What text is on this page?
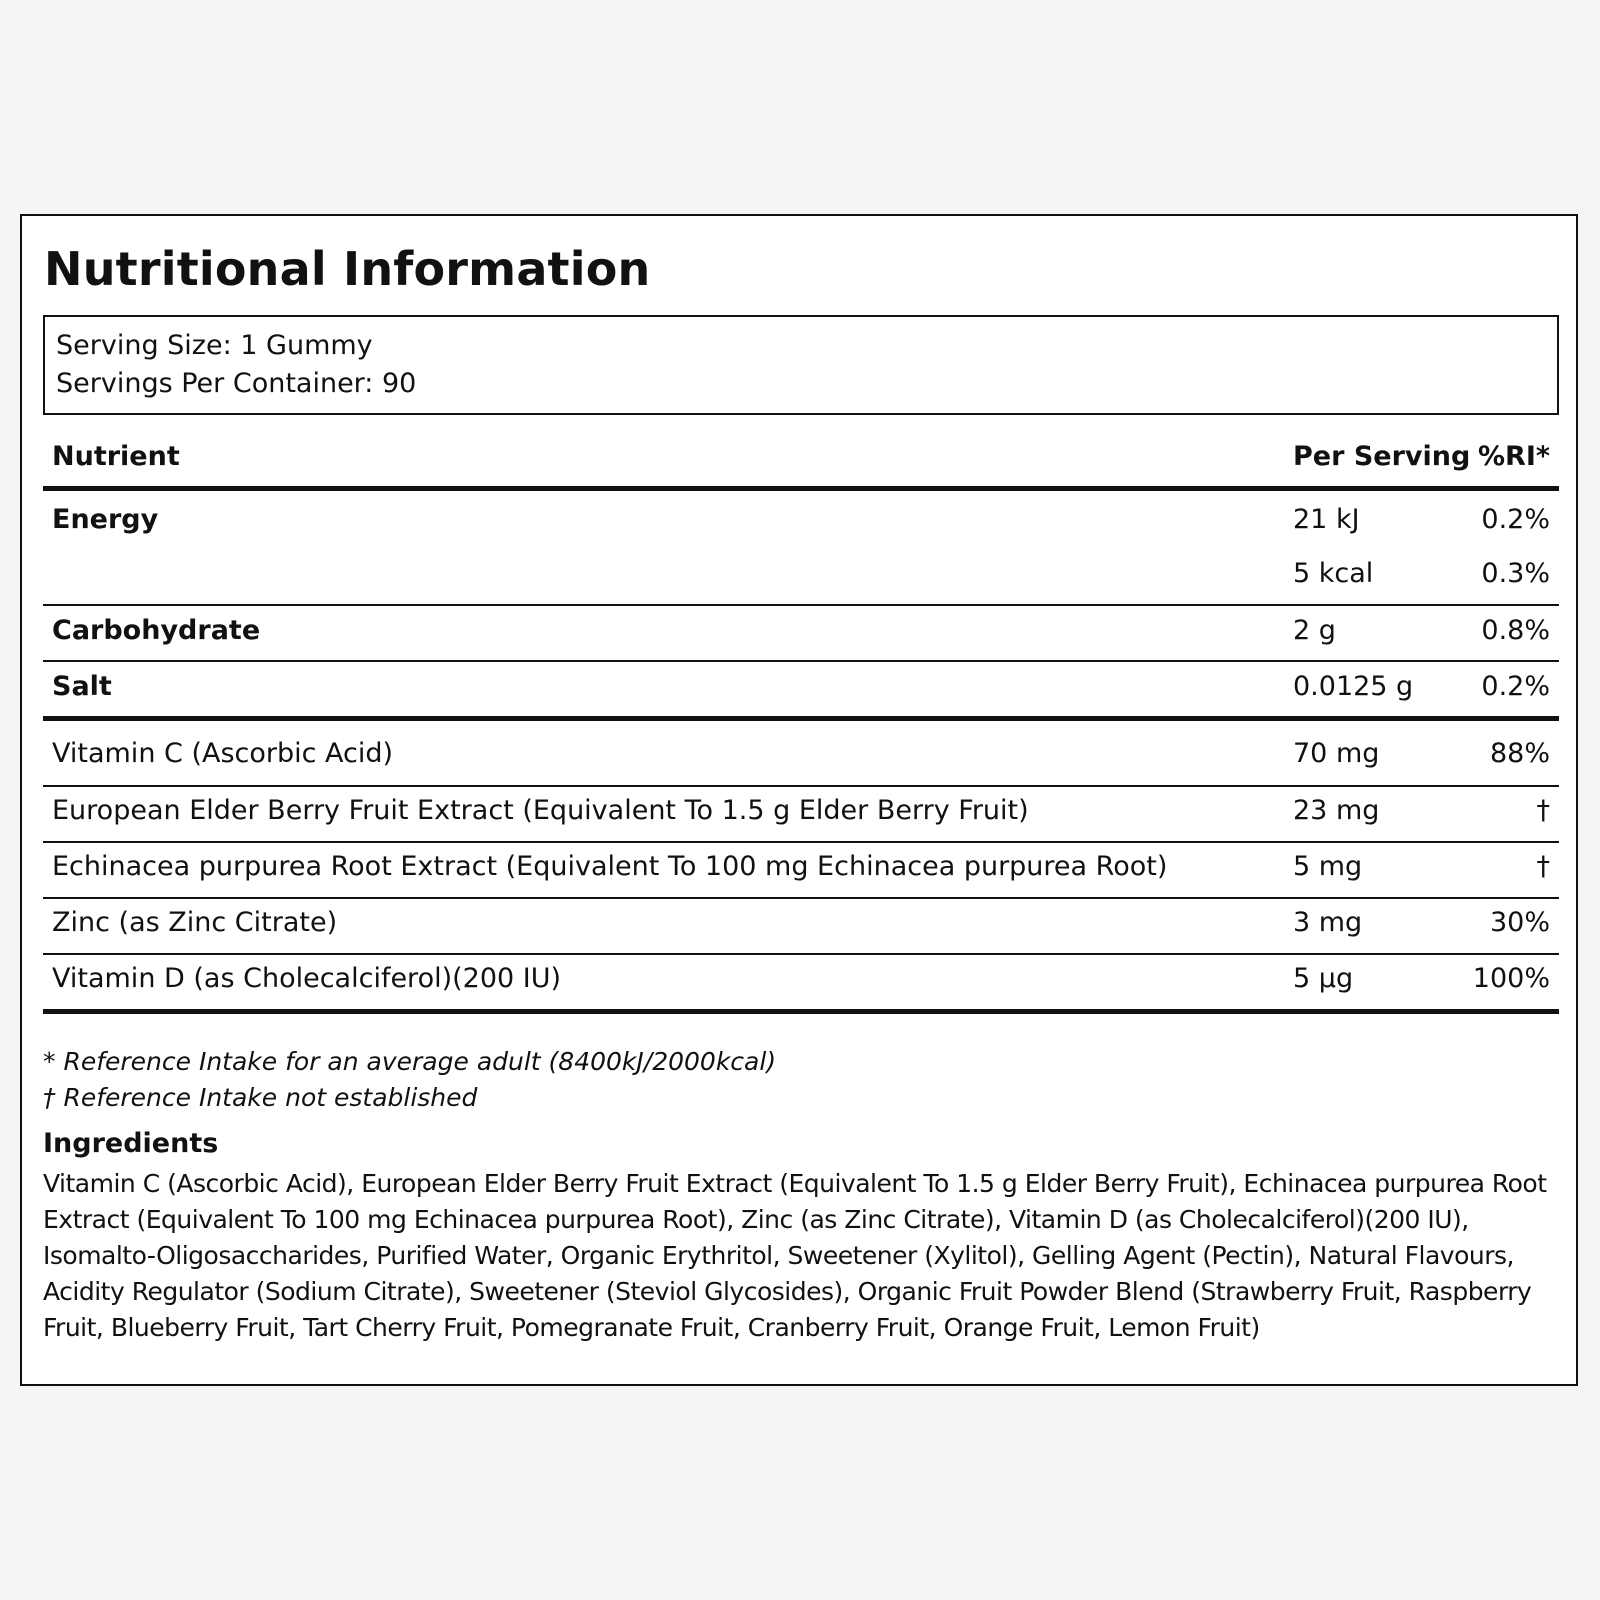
Nutritional Information
Serving Size: 1 Gummy
Servings Per Container: 90
Nutrient	Per Serving %RI*
Energy	21 kJ	0.2%
5 kcal	0.3%
Carbohydrate	2 g	0.8%
Salt	0.0125 g	0.2%
Vitamin C (Ascorbic Acid)	70 mg	88%
European Elder Berry Fruit Extract (Equivalent To 1.5 g Elder Berry Fruit)	23 mg	†
Echinacea purpurea Root Extract (Equivalent To 100 mg Echinacea purpurea Root)	5 mg	†
Zinc (as Zinc Citrate)	3 mg	30%
Vitamin D (as Cholecalciferol)(200 IU)	5 µg	100%
* Reference Intake for an average adult (8400kJ/2000kcal)
† Reference Intake not established
Ingredients

Vitamin C (Ascorbic Acid), European Elder Berry Fruit Extract (Equivalent To 1.5 g Elder Berry Fruit), Echinacea purpurea Root Extract (Equivalent To 100 mg Echinacea purpurea Root), Zinc (as Zinc Citrate), Vitamin D (as Cholecalciferol)(200 IU), Isomalto-Oligosaccharides, Purified Water, Organic Erythritol, Sweetener (Xylitol), Gelling Agent (Pectin), Natural Flavours, Acidity Regulator (Sodium Citrate), Sweetener (Steviol Glycosides), Organic Fruit Powder Blend (Strawberry Fruit, Raspberry Fruit, Blueberry Fruit, Tart Cherry Fruit, Pomegranate Fruit, Cranberry Fruit, Orange Fruit, Lemon Fruit)
